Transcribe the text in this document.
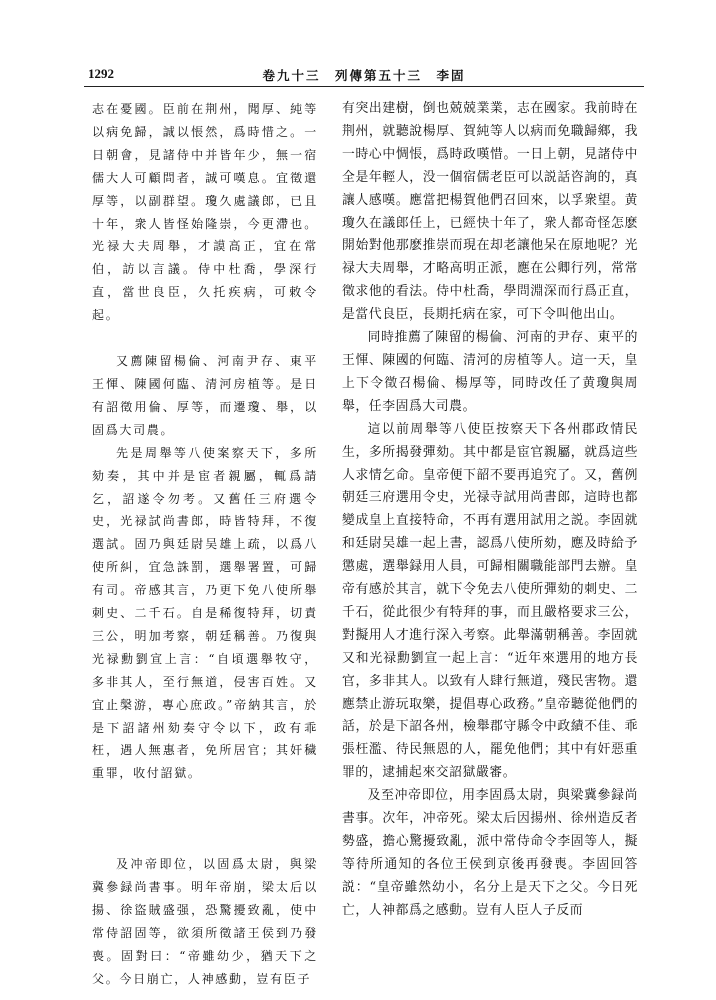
1292	卷九十三　列傳第五十三　李固

志在憂國。臣前在荆州，聞厚、純等以病免歸，誠以悵然，爲時惜之。一日朝會，見諸侍中并皆年少，無一宿儒大人可顧問者，誠可嘆息。宜徵還厚等，以副群望。瓊久處議郎，已且十年，衆人皆怪始隆崇，今更滯也。光禄大夫周舉，才謨高正，宜在常伯，訪以言議。侍中杜喬，學深行直，當世良臣，久托疾病，可敕令起。

又薦陳留楊倫、河南尹存、東平王惲、陳國何臨、清河房植等。是日有詔徵用倫、厚等，而遷瓊、舉，以固爲大司農。

先是周舉等八使案察天下，多所劾奏，其中并是宦者親屬，輒爲請乞，詔遂令勿考。又舊任三府選令史，光禄試尚書郎，時皆特拜，不復選試。固乃與廷尉吴雄上疏，以爲八使所糾，宜急誅罰，選舉署置，可歸有司。帝感其言，乃更下免八使所舉刺史、二千石。自是稀復特拜，切責三公，明加考察，朝廷稱善。乃復與光禄勳劉宣上言：“自頃選舉牧守，多非其人，至行無道，侵害百姓。又宜止槃游，專心庶政。”帝納其言，於是下詔諸州劾奏守令以下，政有乖枉，遇人無惠者，免所居官；其奸穢重罪，收付詔獄。

及冲帝即位，以固爲太尉，與梁冀參録尚書事。明年帝崩，梁太后以揚、徐盜賊盛强，恐驚擾致亂，使中常侍詔固等，欲須所徵諸王侯到乃發喪。固對曰：“帝雖幼少，猶天下之父。今日崩亡，人神感動，豈有臣子

有突出建樹，倒也兢兢業業，志在國家。我前時在荆州，就聽說楊厚、賀純等人以病而免職歸鄉，我一時心中惆悵，爲時政嘆惜。一日上朝，見諸侍中全是年輕人，没一個宿儒老臣可以説話咨詢的，真讓人感嘆。應當把楊賀他們召回來，以孚衆望。黄瓊久在議郎任上，已經快十年了，衆人都奇怪怎麽開始對他那麽推崇而現在却老讓他呆在原地呢？光禄大夫周舉，才略高明正派，應在公卿行列，常常徵求他的看法。侍中杜喬，學問淵深而行爲正直，是當代良臣，長期托病在家，可下令叫他出山。

同時推薦了陳留的楊倫、河南的尹存、東平的王惲、陳國的何臨、清河的房植等人。這一天，皇上下令徵召楊倫、楊厚等，同時改任了黄瓊與周舉，任李固爲大司農。

這以前周舉等八使臣按察天下各州郡政情民生，多所揭發彈劾。其中都是宦官親屬，就爲這些人求情乞命。皇帝便下韶不要再追究了。又，舊例朝廷三府選用令史，光禄寺試用尚書郎，這時也都變成皇上直接特命，不再有選用試用之説。李固就和廷尉吴雄一起上書，認爲八使所劾，應及時給予懲處，選舉録用人員，可歸相關職能部門去辦。皇帝有感於其言，就下令免去八使所彈劾的刺史、二千石，從此很少有特拜的事，而且嚴格要求三公，對擬用人才進行深入考察。此舉滿朝稱善。李固就又和光禄勳劉宣一起上言：“近年來選用的地方長官，多非其人。以致有人肆行無道，殘民害物。還應禁止游玩取樂，提倡專心政務。”皇帝聽從他們的話，於是下詔各州，檢舉郡守縣令中政績不佳、乖張枉濫、待民無恩的人，罷免他們；其中有奸惡重罪的，逮捕起來交詔獄嚴審。

及至冲帝即位，用李固爲太尉，與梁冀參録尚書事。次年，冲帝死。梁太后因揚州、徐州造反者勢盛，擔心驚擾致亂，派中常侍命令李固等人，擬等待所通知的各位王侯到京後再發喪。李固回答説：“皇帝雖然幼小，名分上是天下之父。今日死亡，人神都爲之感動。豈有人臣人子反而
